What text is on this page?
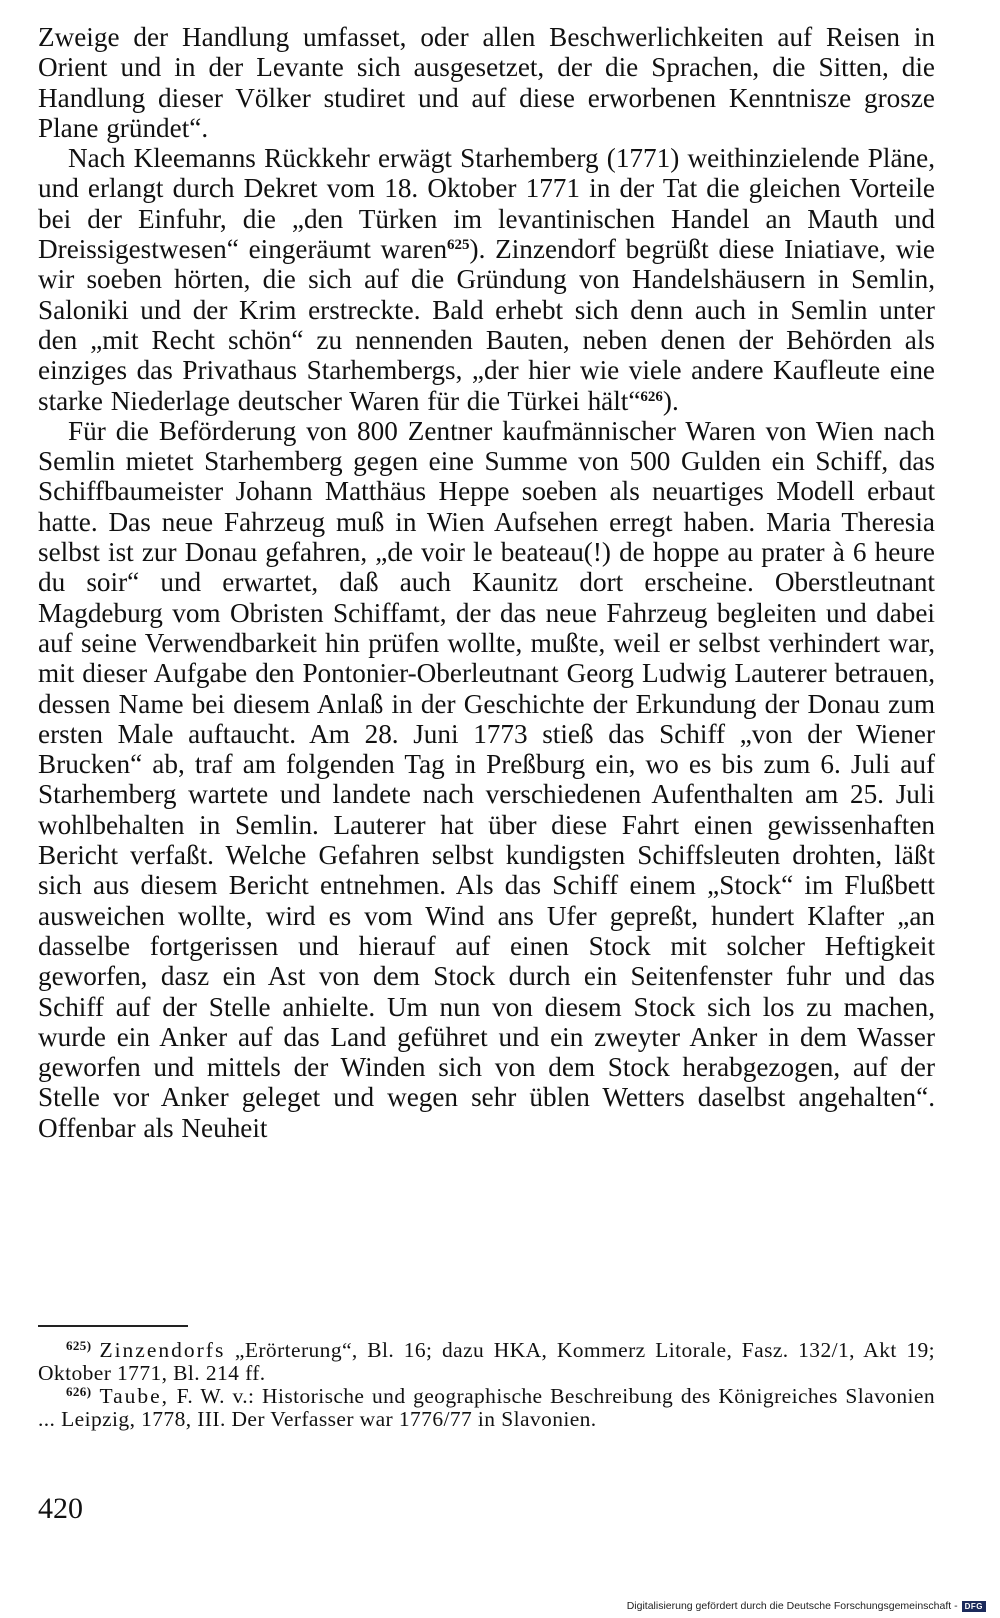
Zweige der Handlung umfasset, oder allen Beschwerlichkeiten auf Reisen in Orient und in der Levante sich ausgesetzet, der die Sprachen, die Sitten, die Handlung dieser Völker studiret und auf diese erworbenen Kenntnisze grosze Plane gründet“.

Nach Kleemanns Rückkehr erwägt Starhemberg (1771) weithinzielende Pläne, und erlangt durch Dekret vom 18. Oktober 1771 in der Tat die gleichen Vorteile bei der Einfuhr, die „den Türken im levantinischen Handel an Mauth und Dreissigestwesen“ eingeräumt waren$^{625}$). Zinzendorf begrüßt diese Iniatiave, wie wir soeben hörten, die sich auf die Gründung von Handelshäusern in Semlin, Saloniki und der Krim erstreckte. Bald erhebt sich denn auch in Semlin unter den „mit Recht schön“ zu nennenden Bauten, neben denen der Behörden als einziges das Privathaus Starhembergs, „der hier wie viele andere Kaufleute eine starke Niederlage deutscher Waren für die Türkei hält“$^{626}$).

Für die Beförderung von 800 Zentner kaufmännischer Waren von Wien nach Semlin mietet Starhemberg gegen eine Summe von 500 Gulden ein Schiff, das Schiffbaumeister Johann Matthäus Heppe soeben als neuartiges Modell erbaut hatte. Das neue Fahrzeug muß in Wien Aufsehen erregt haben. Maria Theresia selbst ist zur Donau gefahren, „de voir le beateau(!) de hoppe au prater à 6 heure du soir“ und erwartet, daß auch Kaunitz dort erscheine. Oberstleutnant Magdeburg vom Obristen Schiffamt, der das neue Fahrzeug begleiten und dabei auf seine Verwendbarkeit hin prüfen wollte, mußte, weil er selbst verhindert war, mit dieser Aufgabe den Pontonier-Oberleutnant Georg Ludwig Lauterer betrauen, dessen Name bei diesem Anlaß in der Geschichte der Erkundung der Donau zum ersten Male auftaucht. Am 28. Juni 1773 stieß das Schiff „von der Wiener Brucken“ ab, traf am folgenden Tag in Preßburg ein, wo es bis zum 6. Juli auf Starhemberg wartete und landete nach verschiedenen Aufenthalten am 25. Juli wohlbehalten in Semlin. Lauterer hat über diese Fahrt einen gewissenhaften Bericht verfaßt. Welche Gefahren selbst kundigsten Schiffsleuten drohten, läßt sich aus diesem Bericht entnehmen. Als das Schiff einem „Stock“ im Flußbett ausweichen wollte, wird es vom Wind ans Ufer gepreßt, hundert Klafter „an dasselbe fortgerissen und hierauf auf einen Stock mit solcher Heftigkeit geworfen, dasz ein Ast von dem Stock durch ein Seitenfenster fuhr und das Schiff auf der Stelle anhielte. Um nun von diesem Stock sich los zu machen, wurde ein Anker auf das Land geführet und ein zweyter Anker in dem Wasser geworfen und mittels der Winden sich von dem Stock herabgezogen, auf der Stelle vor Anker geleget und wegen sehr üblen Wetters daselbst angehalten“. Offenbar als Neuheit

$^{625)}$ Zinzendorfs „Erörterung“, Bl. 16; dazu HKA, Kommerz Litorale, Fasz. 132/1, Akt 19; Oktober 1771, Bl. 214 ff.

$^{626)}$ Taube, F. W. v.: Historische und geographische Beschreibung des Königreiches Slavonien ... Leipzig, 1778, III. Der Verfasser war 1776/77 in Slavonien.

420
Digitalisierung gefördert durch die Deutsche Forschungsgemeinschaft - DFG
